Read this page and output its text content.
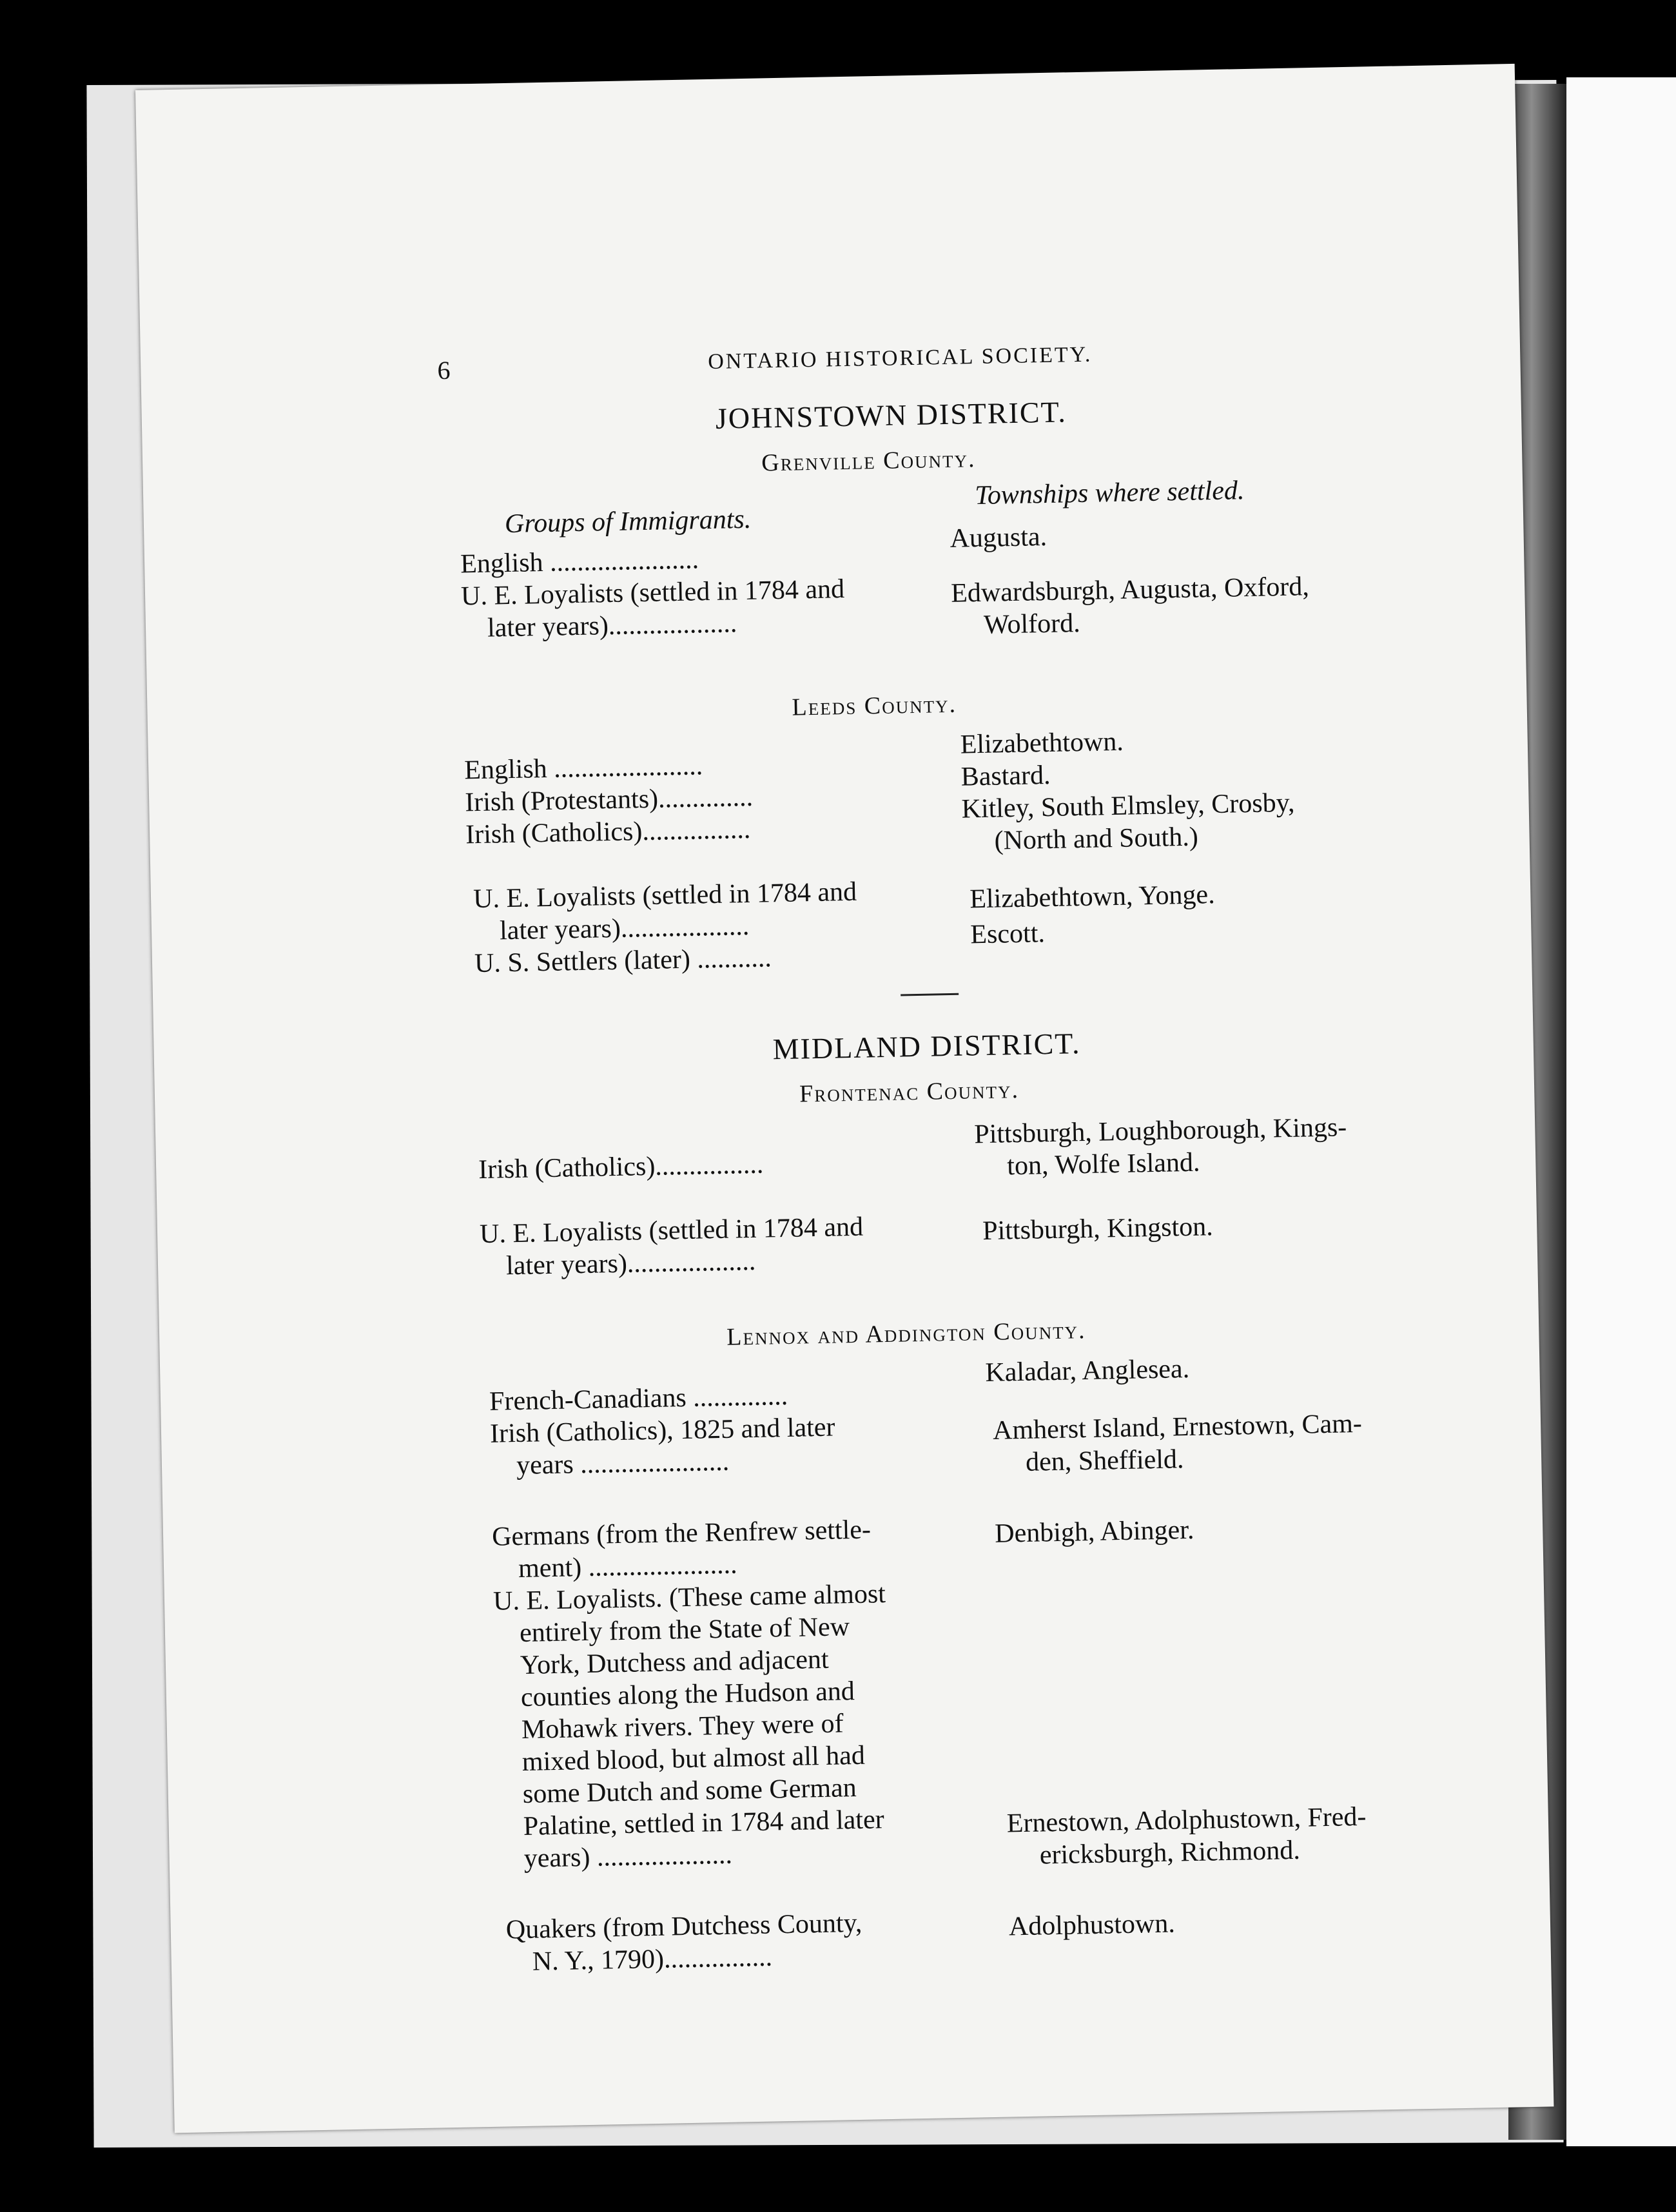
6	ONTARIO HISTORICAL SOCIETY.
JOHNSTOWN DISTRICT.
Grenville County.
Groups of Immigrants.
Townships where settled.
English ......................
Augusta.
U. E. Loyalists (settled in 1784 and
later years)...................
Edwardsburgh, Augusta, Oxford,
Wolford.
Leeds County.
English ......................
Elizabethtown.
Irish (Protestants)..............
Bastard.
Irish (Catholics)................
Kitley, South Elmsley, Crosby,
(North and South.)
U. E. Loyalists (settled in 1784 and
later years)...................
Elizabethtown, Yonge.
U. S. Settlers (later) ...........
Escott.
MIDLAND DISTRICT.
Frontenac County.
Irish (Catholics)................
Pittsburgh, Loughborough, Kings-
ton, Wolfe Island.
U. E. Loyalists (settled in 1784 and
later years)...................
Pittsburgh, Kingston.
Lennox and Addington County.
French-Canadians ..............
Kaladar, Anglesea.
Irish (Catholics), 1825 and later
years ......................
Amherst Island, Ernestown, Cam-
den, Sheffield.
Germans (from the Renfrew settle-
ment) ......................
Denbigh, Abinger.
U. E. Loyalists. (These came almost
entirely from the State of New
York, Dutchess and adjacent
counties along the Hudson and
Mohawk rivers. They were of
mixed blood, but almost all had
some Dutch and some German
Palatine, settled in 1784 and later
years) ....................
Ernestown, Adolphustown, Fred-
ericksburgh, Richmond.
Quakers (from Dutchess County,
N. Y., 1790)................
Adolphustown.
